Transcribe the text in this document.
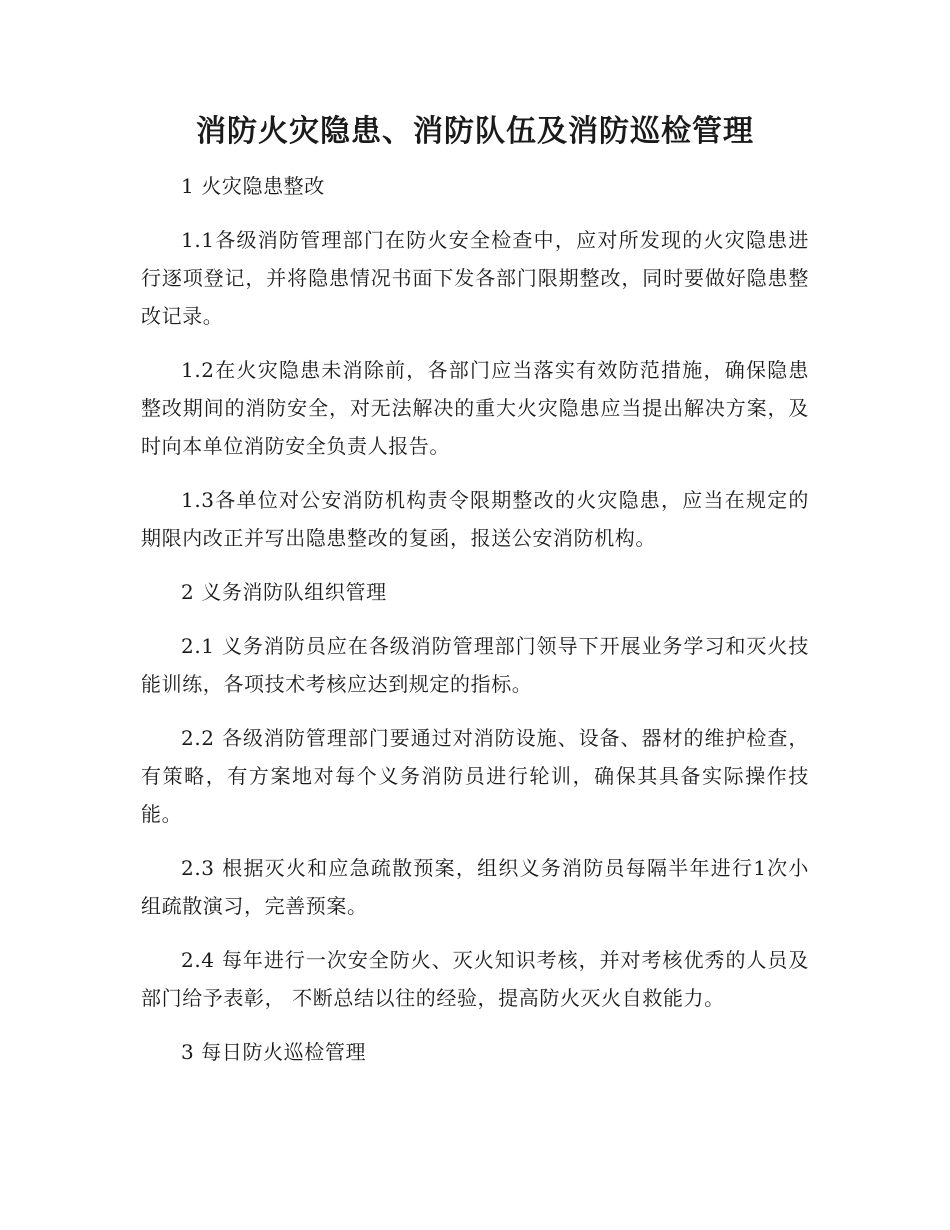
消防火灾隐患、消防队伍及消防巡检管理

1 火灾隐患整改

1.1各级消防管理部门在防火安全检查中，应对所发现的火灾隐患进行逐项登记，并将隐患情况书面下发各部门限期整改，同时要做好隐患整改记录。

1.2在火灾隐患未消除前，各部门应当落实有效防范措施，确保隐患整改期间的消防安全，对无法解决的重大火灾隐患应当提出解决方案，及时向本单位消防安全负责人报告。

1.3各单位对公安消防机构责令限期整改的火灾隐患，应当在规定的期限内改正并写出隐患整改的复函，报送公安消防机构。

2 义务消防队组织管理

2.1 义务消防员应在各级消防管理部门领导下开展业务学习和灭火技能训练，各项技术考核应达到规定的指标。

2.2 各级消防管理部门要通过对消防设施、设备、器材的维护检查，有策略，有方案地对每个义务消防员进行轮训，确保其具备实际操作技能。

2.3 根据灭火和应急疏散预案，组织义务消防员每隔半年进行1次小组疏散演习，完善预案。

2.4 每年进行一次安全防火、灭火知识考核，并对考核优秀的人员及部门给予表彰， 不断总结以往的经验，提高防火灭火自救能力。

3 每日防火巡检管理
